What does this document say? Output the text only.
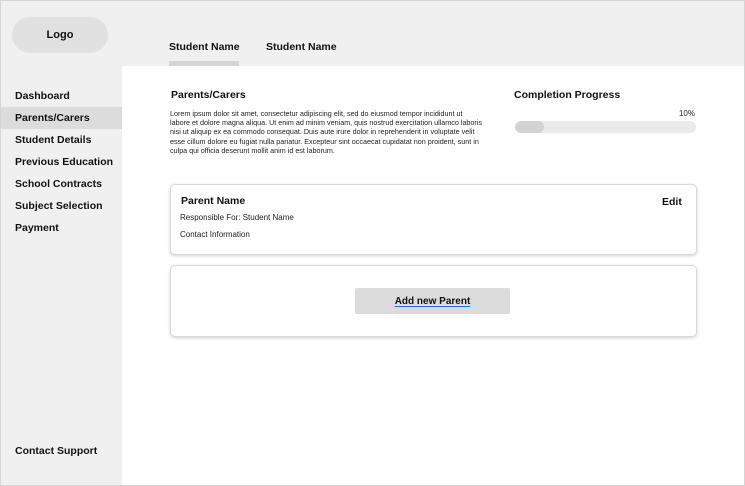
Logo
Dashboard
Parents/Carers
Student Details
Previous Education
School Contracts
Subject Selection
Payment
Contact Support
Student Name	Student Name
Parents/Carers

Lorem ipsum dolor sit amet, consectetur adipiscing elit, sed do eiusmod tempor incididunt ut labore et dolore magna aliqua. Ut enim ad minim veniam, quis nostrud exercitation ullamco laboris nisi ut aliquip ex ea commodo consequat. Duis aute irure dolor in reprehenderit in voluptate velit esse cillum dolore eu fugiat nulla pariatur. Excepteur sint occaecat cupidatat non proident, sunt in culpa qui officia deserunt mollit anim id est laborum.

Completion Progress
10%
Parent Name	Edit
Responsible For: Student Name
Contact Information
Add new Parent
